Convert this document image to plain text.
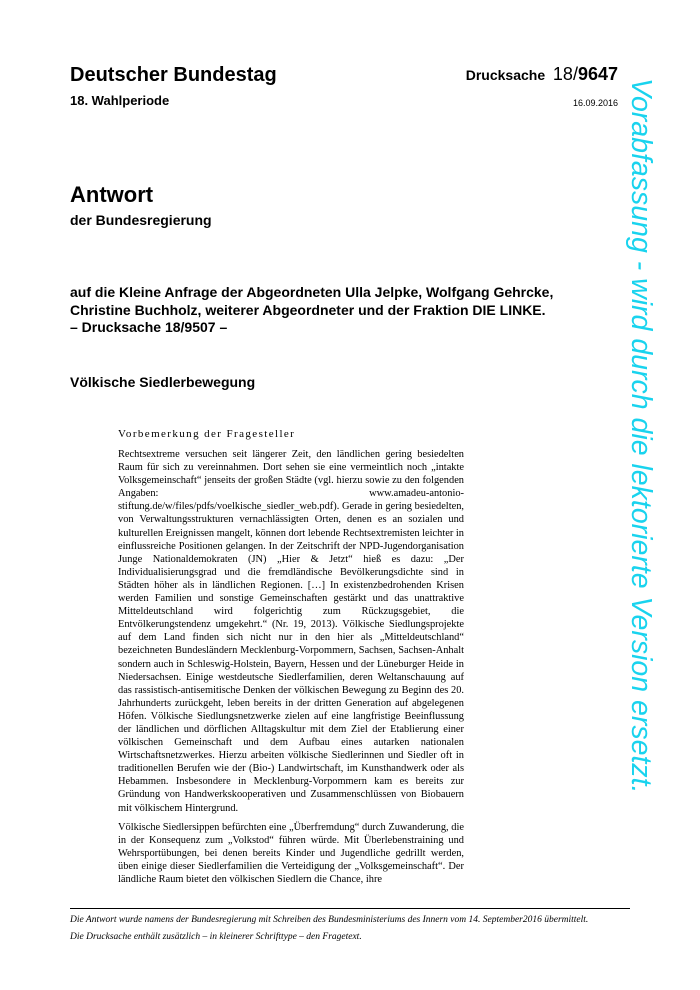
Deutscher Bundestag
18. Wahlperiode
Drucksache 18/9647
16.09.2016
Antwort
der Bundesregierung
auf die Kleine Anfrage der Abgeordneten Ulla Jelpke, Wolfgang Gehrcke,
Christine Buchholz, weiterer Abgeordneter und der Fraktion DIE LINKE.
– Drucksache 18/9507 –
Völkische Siedlerbewegung
Vorbemerkung der Fragesteller

Rechtsextreme versuchen seit längerer Zeit, den ländlichen gering besiedelten Raum für sich zu vereinnahmen. Dort sehen sie eine vermeintlich noch „intakte Volksgemeinschaft“ jenseits der großen Städte (vgl. hierzu sowie zu den folgenden Angaben: www.amadeu-antonio-stiftung.de/w/files/pdfs/voelkische_siedler_web.pdf). Gerade in gering besiedelten, von Verwaltungsstrukturen vernachlässigten Orten, denen es an sozialen und kulturellen Ereignissen mangelt, können dort lebende Rechtsextremisten leichter in einflussreiche Positionen gelangen. In der Zeitschrift der NPD-Jugendorganisation Junge Nationaldemokraten (JN) „Hier & Jetzt“ hieß es dazu: „Der Individualisierungsgrad und die fremdländische Bevölkerungsdichte sind in Städten höher als in ländlichen Regionen. […] In existenzbedrohenden Krisen werden Familien und sonstige Gemeinschaften gestärkt und das unattraktive Mitteldeutschland wird folgerichtig zum Rückzugsgebiet, die Entvölkerungstendenz umgekehrt.“ (Nr. 19, 2013). Völkische Siedlungsprojekte auf dem Land finden sich nicht nur in den hier als „Mitteldeutschland“ bezeichneten Bundesländern Mecklenburg-Vorpommern, Sachsen, Sachsen-Anhalt sondern auch in Schleswig-Holstein, Bayern, Hessen und der Lüneburger Heide in Niedersachsen. Einige westdeutsche Siedlerfamilien, deren Weltanschauung auf das rassistisch-antisemitische Denken der völkischen Bewegung zu Beginn des 20. Jahrhunderts zurückgeht, leben bereits in der dritten Generation auf abgelegenen Höfen. Völkische Siedlungsnetzwerke zielen auf eine langfristige Beeinflussung der ländlichen und dörflichen Alltagskultur mit dem Ziel der Etablierung einer völkischen Gemeinschaft und dem Aufbau eines autarken nationalen Wirtschaftsnetzwerkes. Hierzu arbeiten völkische Siedlerinnen und Siedler oft in traditionellen Berufen wie der (Bio-) Landwirtschaft, im Kunsthandwerk oder als Hebammen. Insbesondere in Mecklenburg-Vorpommern kam es bereits zur Gründung von Handwerkskooperativen und Zusammenschlüssen von Biobauern mit völkischem Hintergrund.

Völkische Siedlersippen befürchten eine „Überfremdung“ durch Zuwanderung, die in der Konsequenz zum „Volkstod“ führen würde. Mit Überlebenstraining und Wehrsportübungen, bei denen bereits Kinder und Jugendliche gedrillt werden, üben einige dieser Siedlerfamilien die Verteidigung der „Volksgemeinschaft“. Der ländliche Raum bietet den völkischen Siedlern die Chance, ihre

Die Antwort wurde namens der Bundesregierung mit Schreiben des Bundesministeriums des Innern vom 14. September2016 übermittelt.

Die Drucksache enthält zusätzlich – in kleinerer Schrifttype – den Fragetext.

Vorabfassung - wird durch die lektorierte Version ersetzt.
